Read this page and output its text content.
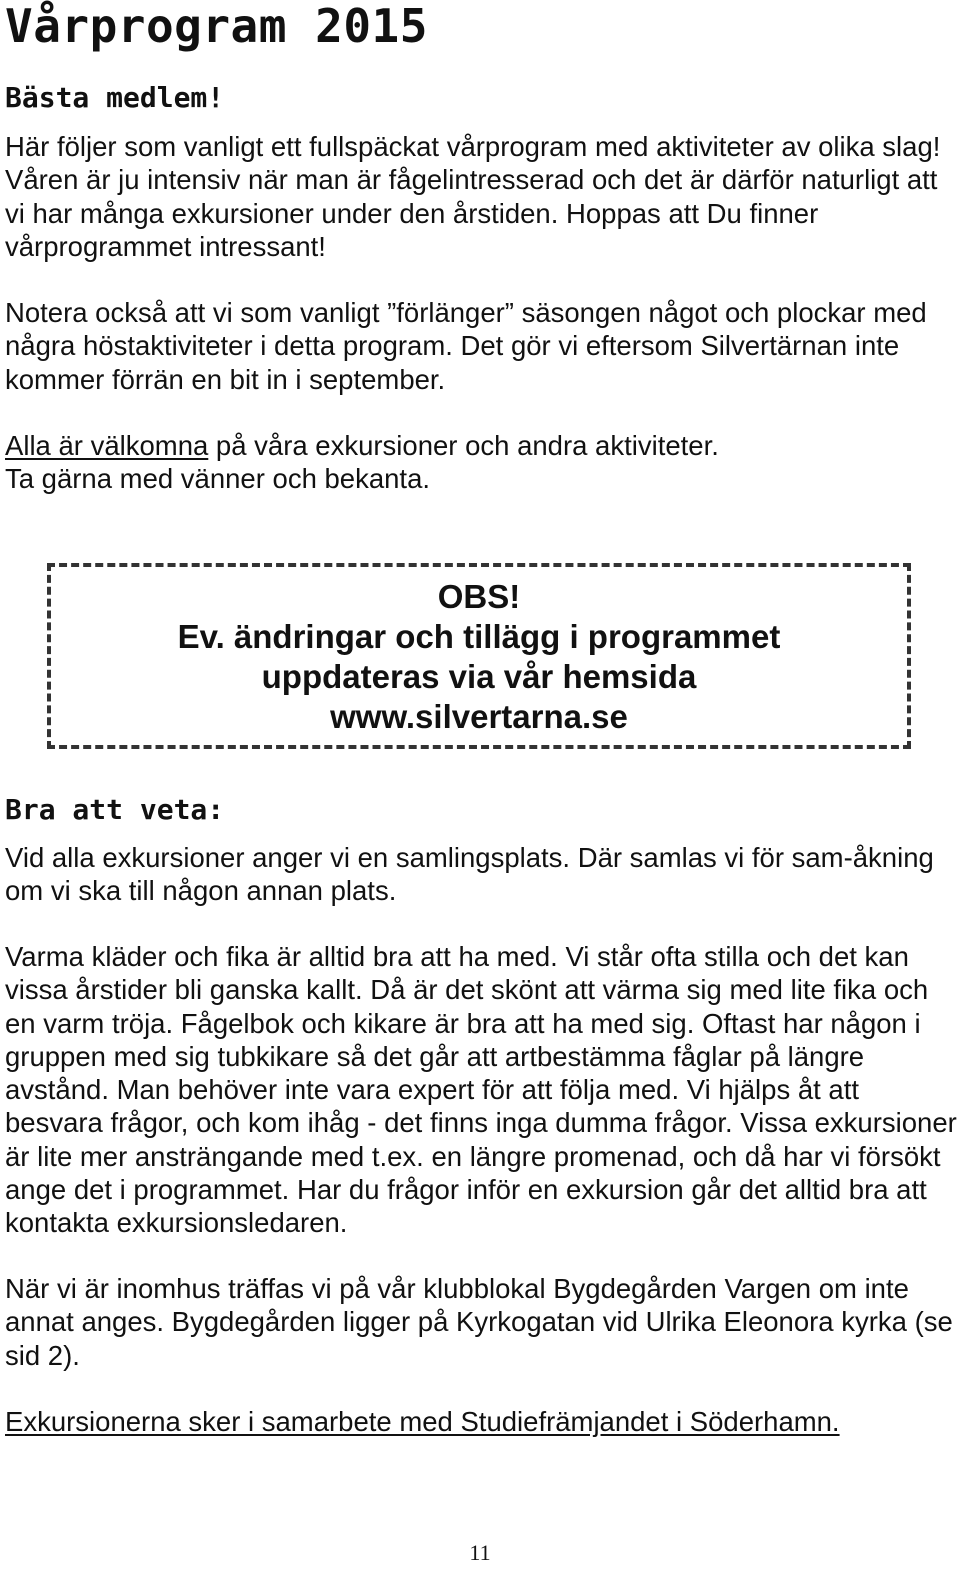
Vårprogram 2015
Bästa medlem!

Här följer som vanligt ett fullspäckat vårprogram med aktiviteter av olika slag! Våren är ju intensiv när man är fågelintresserad och det är därför naturligt att vi har många exkursioner under den årstiden. Hoppas att Du finner vårprogrammet intressant!

Notera också att vi som vanligt ”förlänger” säsongen något och plockar med några höstaktiviteter i detta program. Det gör vi eftersom Silvertärnan inte kommer förrän en bit in i september.

Alla är välkomna på våra exkursioner och andra aktiviteter.
Ta gärna med vänner och bekanta.

OBS!
Ev. ändringar och tillägg i programmet
uppdateras via vår hemsida
www.silvertarna.se
Bra att veta:

Vid alla exkursioner anger vi en samlingsplats. Där samlas vi för sam-åkning om vi ska till någon annan plats.

Varma kläder och fika är alltid bra att ha med. Vi står ofta stilla och det kan vissa årstider bli ganska kallt. Då är det skönt att värma sig med lite fika och en varm tröja. Fågelbok och kikare är bra att ha med sig. Oftast har någon i gruppen med sig tubkikare så det går att artbestämma fåglar på längre avstånd. Man behöver inte vara expert för att följa med. Vi hjälps åt att besvara frågor, och kom ihåg - det finns inga dumma frågor. Vissa exkursioner är lite mer ansträngande med t.ex. en längre promenad, och då har vi försökt ange det i programmet. Har du frågor inför en exkursion går det alltid bra att kontakta exkursionsledaren.

När vi är inomhus träffas vi på vår klubblokal Bygdegården Vargen om inte annat anges. Bygdegården ligger på Kyrkogatan vid Ulrika Eleonora kyrka (se sid 2).

Exkursionerna sker i samarbete med Studiefrämjandet i Söderhamn.

11
